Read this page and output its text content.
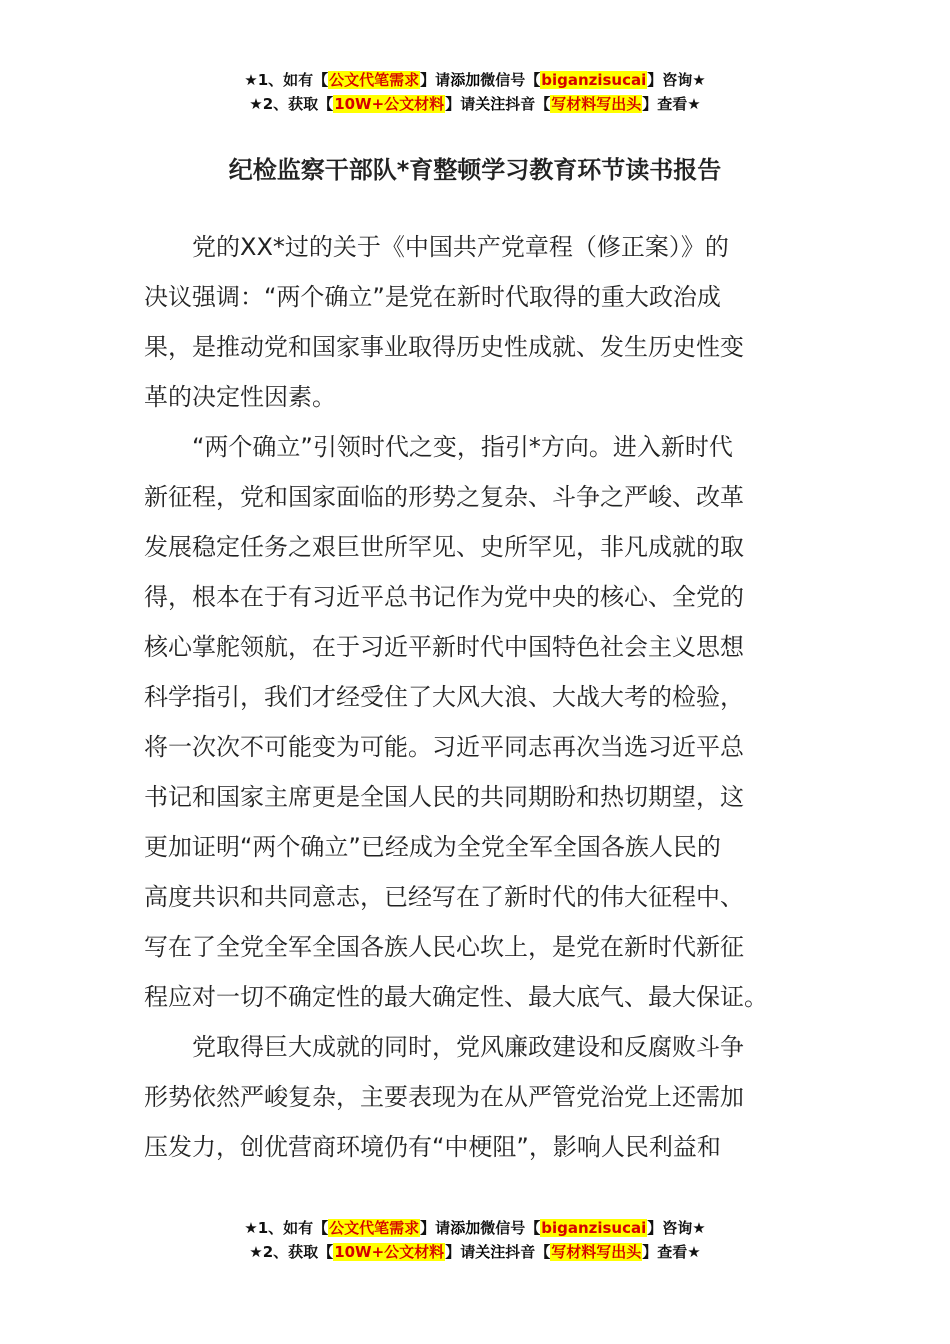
★1、如有【公文代笔需求】请添加微信号【biganzisucai】咨询★
★2、获取【10W+公文材料】请关注抖音【写材料写出头】查看★
纪检监察干部队*育整顿学习教育环节读书报告
　　党的XX*过的关于《中国共产党章程（修正案）》的
决议强调：“两个确立”是党在新时代取得的重大政治成
果，是推动党和国家事业取得历史性成就、发生历史性变
革的决定性因素。
　　“两个确立”引领时代之变，指引*方向。进入新时代
新征程，党和国家面临的形势之复杂、斗争之严峻、改革
发展稳定任务之艰巨世所罕见、史所罕见，非凡成就的取
得，根本在于有习近平总书记作为党中央的核心、全党的
核心掌舵领航，在于习近平新时代中国特色社会主义思想
科学指引，我们才经受住了大风大浪、大战大考的检验，
将一次次不可能变为可能。习近平同志再次当选习近平总
书记和国家主席更是全国人民的共同期盼和热切期望，这
更加证明“两个确立”已经成为全党全军全国各族人民的
高度共识和共同意志，已经写在了新时代的伟大征程中、
写在了全党全军全国各族人民心坎上，是党在新时代新征
程应对一切不确定性的最大确定性、最大底气、最大保证。
　　党取得巨大成就的同时，党风廉政建设和反腐败斗争
形势依然严峻复杂，主要表现为在从严管党治党上还需加
压发力，创优营商环境仍有“中梗阻”，影响人民利益和
★1、如有【公文代笔需求】请添加微信号【biganzisucai】咨询★
★2、获取【10W+公文材料】请关注抖音【写材料写出头】查看★
